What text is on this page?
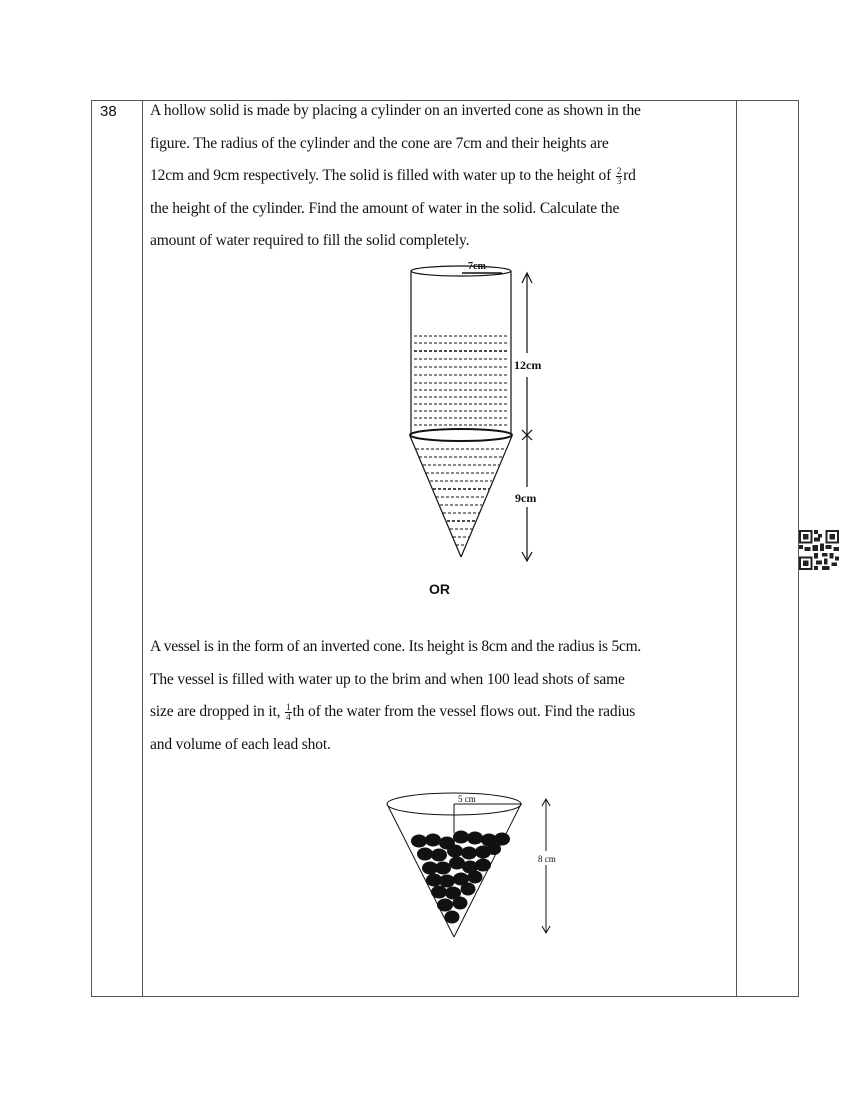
38 A hollow solid is made by placing a cylinder on an inverted cone as shown in the
figure. The radius of the cylinder and the cone are 7cm and their heights are
12cm and 9cm respectively. The solid is filled with water up to the height of $\frac{2}{3}$ rd
the height of the cylinder. Find the amount of water in the solid. Calculate the
amount of water required to fill the solid completely.
7cm
12cm
9cm
OR
A vessel is in the form of an inverted cone. Its height is 8cm and the radius is 5cm.
The vessel is filled with water up to the brim and when 100 lead shots of same
size are dropped in it, $\frac{1}{4}$ th of the water from the vessel flows out. Find the radius
and volume of each lead shot.
5 cm
8 cm
